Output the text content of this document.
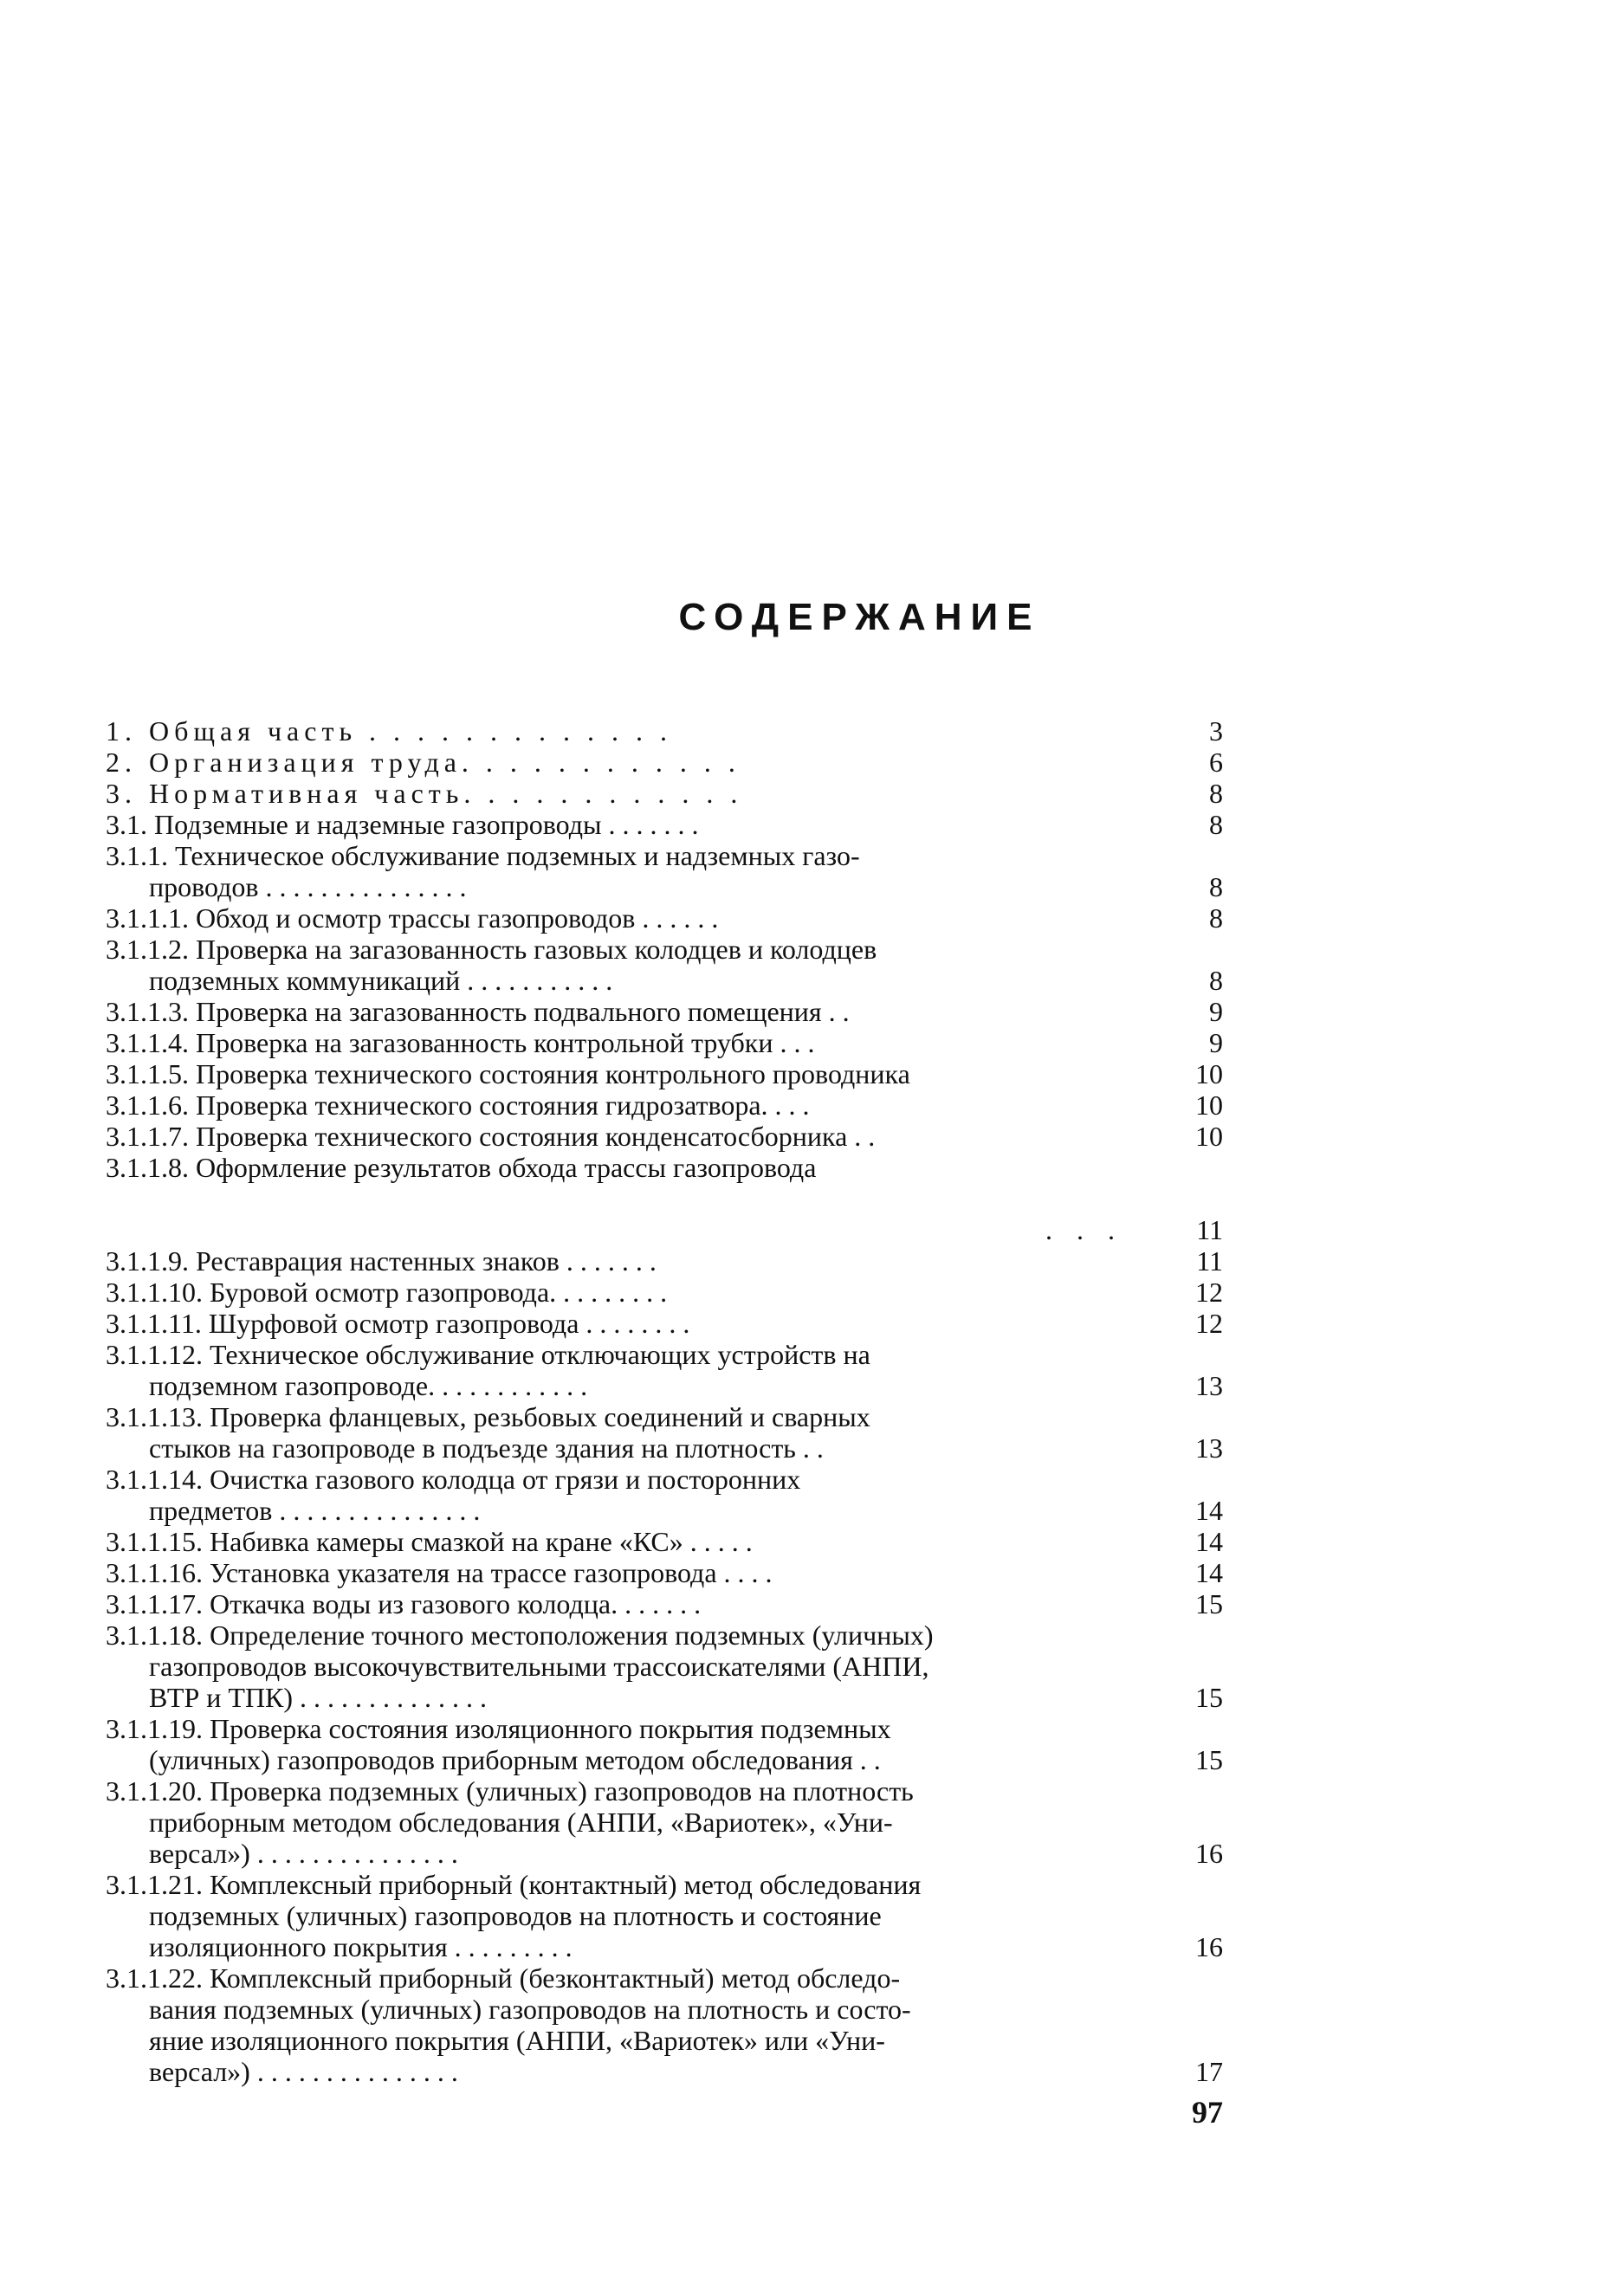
СОДЕРЖАНИЕ
1. Общая часть . . . . . . . . . . . . .	3
2. Организация труда. . . . . . . . . . . .	6
3. Нормативная часть. . . . . . . . . . . .	8
3.1. Подземные и надземные газопроводы . . . . . . .	8
3.1.1. Техническое обслуживание подземных и надземных газо-
проводов . . . . . . . . . . . . . . .	8
3.1.1.1. Обход и осмотр трассы газопроводов . . . . . .	8
3.1.1.2. Проверка на загазованность газовых колодцев и колодцев
подземных коммуникаций . . . . . . . . . . .	8
3.1.1.3. Проверка на загазованность подвального помещения . .	9
3.1.1.4. Проверка на загазованность контрольной трубки . . .	9
3.1.1.5. Проверка технического состояния контрольного проводника	10
3.1.1.6. Проверка технического состояния гидрозатвора. . . .	10
3.1.1.7. Проверка технического состояния конденсатосборника . .	10
3.1.1.8. Оформление результатов обхода трассы газопровода

. . .	11
3.1.1.9. Реставрация настенных знаков . . . . . . .	11
3.1.1.10. Буровой осмотр газопровода. . . . . . . . .	12
3.1.1.11. Шурфовой осмотр газопровода . . . . . . . .	12
3.1.1.12. Техническое обслуживание отключающих устройств на
подземном газопроводе. . . . . . . . . . . .	13
3.1.1.13. Проверка фланцевых, резьбовых соединений и сварных
стыков на газопроводе в подъезде здания на плотность . .	13
3.1.1.14. Очистка газового колодца от грязи и посторонних
предметов . . . . . . . . . . . . . . .	14
3.1.1.15. Набивка камеры смазкой на кране «КС» . . . . .	14
3.1.1.16. Установка указателя на трассе газопровода . . . .	14
3.1.1.17. Откачка воды из газового колодца. . . . . . .	15
3.1.1.18. Определение точного местоположения подземных (уличных)
газопроводов высокочувствительными трассоискателями (АНПИ,
ВТР и ТПК) . . . . . . . . . . . . . .	15
3.1.1.19. Проверка состояния изоляционного покрытия подземных
(уличных) газопроводов приборным методом обследования . .	15
3.1.1.20. Проверка подземных (уличных) газопроводов на плотность
приборным методом обследования (АНПИ, «Вариотек», «Уни-
версал») . . . . . . . . . . . . . . .	16
3.1.1.21. Комплексный приборный (контактный) метод обследования
подземных (уличных) газопроводов на плотность и состояние
изоляционного покрытия . . . . . . . . .	16
3.1.1.22. Комплексный приборный (безконтактный) метод обследо-
вания подземных (уличных) газопроводов на плотность и состо-
яние изоляционного покрытия (АНПИ, «Вариотек» или «Уни-
версал») . . . . . . . . . . . . . . .	17
97
